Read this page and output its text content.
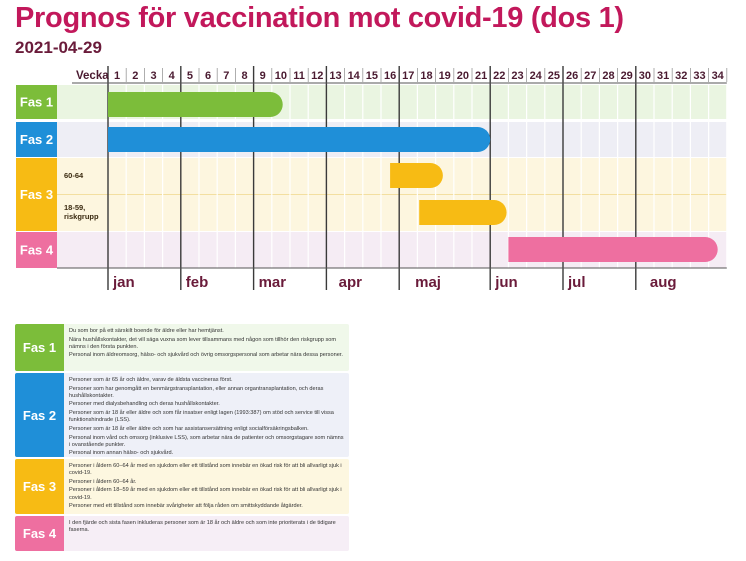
Prognos för vaccination mot covid-19 (dos 1)
2021-04-29
Vecka 1 2 3 4 5 6 7 8 9 10 11 12 13 14 15 16 17 18 19 20 21 22 23 24 25 26 27 28 29 30 31 32 33 34
Fas 1
Fas 2
Fas 3
Fas 4
60-64
18-59, riskgrupp
jan	feb	mar	apr	maj	jun	jul	aug
Fas 1
Du som bor på ett särskilt boende för äldre eller har hemtjänst.
Nära hushållskontakter, det vill säga vuxna som lever tillsammans med någon som tillhör den riskgrupp som nämns i den första punkten.
Personal inom äldreomsorg, hälso- och sjukvård och övrig omsorgspersonal som arbetar nära dessa personer.
Fas 2
Personer som är 65 år och äldre, varav de äldsta vaccineras först.
Personer som har genomgått en benmärgstransplantation, eller annan organtransplantation, och deras hushållskontakter.
Personer med dialysbehandling och deras hushållskontakter.
Personer som är 18 år eller äldre och som får insatser enligt lagen (1993:387) om stöd och service till vissa funktionshindrade (LSS).
Personer som är 18 år eller äldre och som har assistansersättning enligt socialförsäkringsbalken.
Personal inom vård och omsorg (inklusive LSS), som arbetar nära de patienter och omsorgstagare som nämns i ovanstående punkter.
Personal inom annan hälso- och sjukvård.
Fas 3
Personer i åldern 60–64 år med en sjukdom eller ett tillstånd som innebär en ökad risk för att bli allvarligt sjuk i covid-19.
Personer i åldern 60–64 år.
Personer i åldern 18–59 år med en sjukdom eller ett tillstånd som innebär en ökad risk för att bli allvarligt sjuk i covid-19.
Personer med ett tillstånd som innebär svårigheter att följa råden om smittskyddande åtgärder.
Fas 4
I den fjärde och sista fasen inkluderas personer som är 18 år och äldre och som inte prioriterats i de tidigare faserna.
